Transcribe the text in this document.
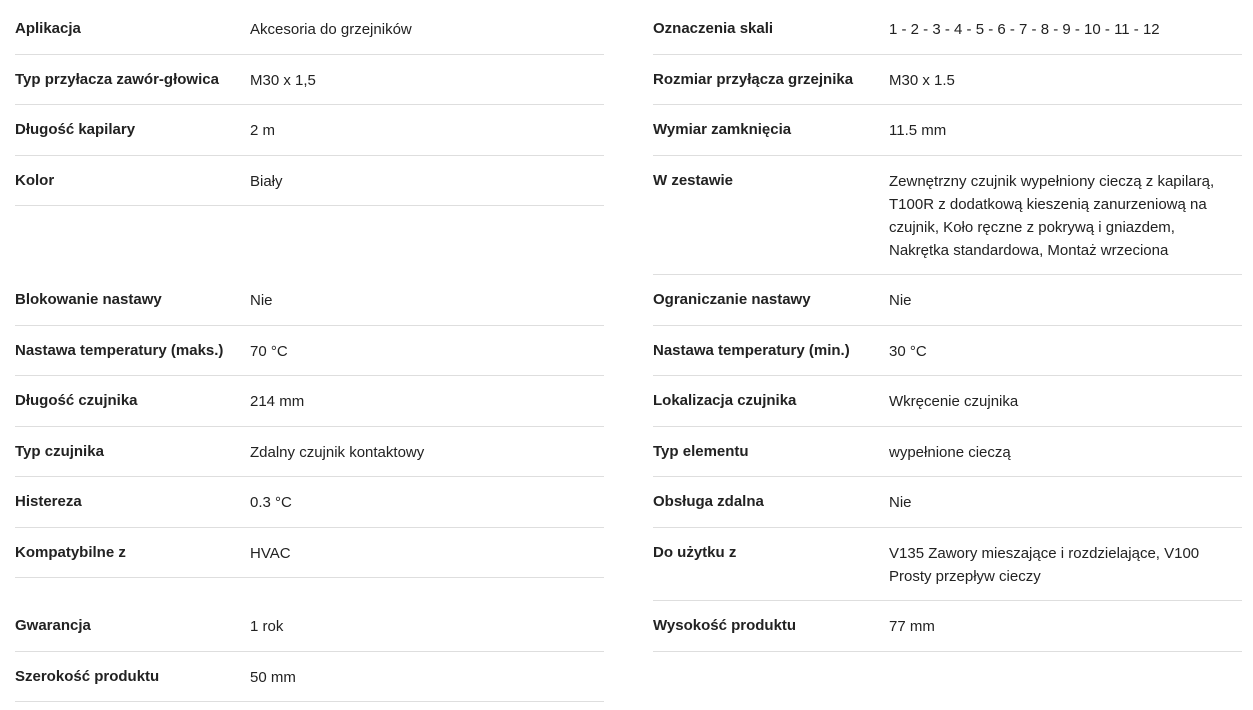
Aplikacja	Akcesoria do grzejników
Typ przyłacza zawór-głowica	M30 x 1,5
Długość kapilary	2 m
Kolor	Biały
Blokowanie nastawy	Nie
Nastawa temperatury (maks.)	70 °C
Długość czujnika	214 mm
Typ czujnika	Zdalny czujnik kontaktowy
Histereza	0.3 °C
Kompatybilne z	HVAC
Gwarancja	1 rok
Szerokość produktu	50 mm
Oznaczenia skali	1 - 2 - 3 - 4 - 5 - 6 - 7 - 8 - 9 - 10 - 11 - 12
Rozmiar przyłącza grzejnika	M30 x 1.5
Wymiar zamknięcia	11.5 mm
W zestawie	Zewnętrzny czujnik wypełniony cieczą z kapilarą, T100R z dodatkową kieszenią zanurzeniową na czujnik, Koło ręczne z pokrywą i gniazdem, Nakrętka standardowa, Montaż wrzeciona
Ograniczanie nastawy	Nie
Nastawa temperatury (min.)	30 °C
Lokalizacja czujnika	Wkręcenie czujnika
Typ elementu	wypełnione cieczą
Obsługa zdalna	Nie
Do użytku z	V135 Zawory mieszające i rozdzielające, V100 Prosty przepływ cieczy
Wysokość produktu	77 mm
